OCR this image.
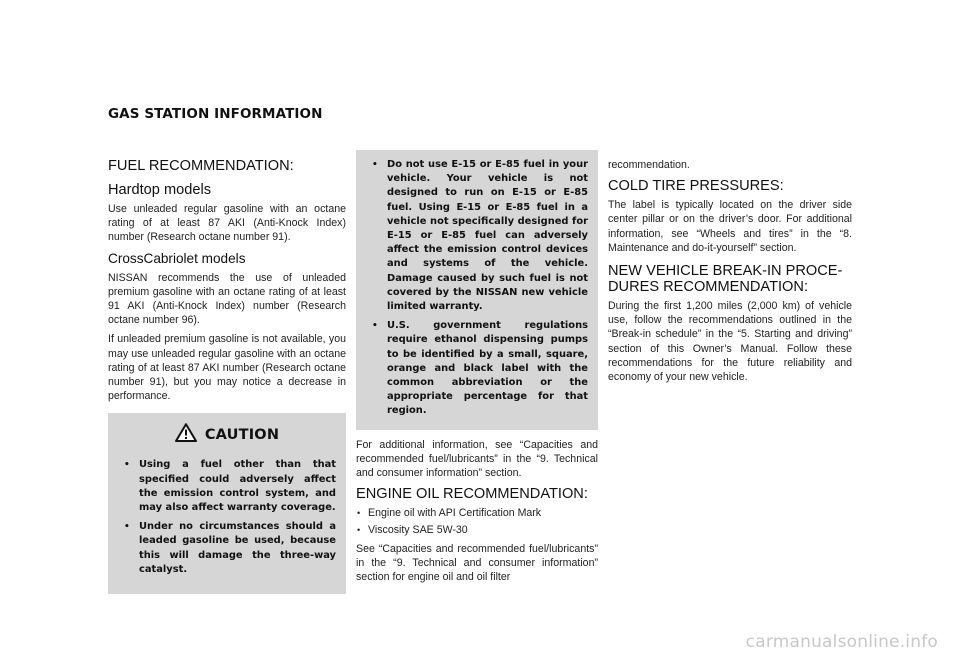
GAS STATION INFORMATION
FUEL RECOMMENDATION:
Hardtop models

Use unleaded regular gasoline with an octane rating of at least 87 AKI (Anti-Knock Index) number (Research octane number 91).

CrossCabriolet models

NISSAN recommends the use of unleaded premium gasoline with an octane rating of at least 91 AKI (Anti-Knock Index) number (Research octane number 96).

If unleaded premium gasoline is not available, you may use unleaded regular gasoline with an octane rating of at least 87 AKI number (Research octane number 91), but you may notice a decrease in performance.

CAUTION
• Using a fuel other than that specified could adversely affect the emission control system, and may also affect warranty coverage.
• Under no circumstances should a leaded gasoline be used, because this will damage the three-way catalyst.
• Do not use E-15 or E-85 fuel in your vehicle. Your vehicle is not designed to run on E-15 or E-85 fuel. Using E-15 or E-85 fuel in a vehicle not specifically designed for E-15 or E-85 fuel can adversely affect the emission control devices and systems of the vehicle. Damage caused by such fuel is not covered by the NISSAN new vehicle limited warranty.
• U.S. government regulations require ethanol dispensing pumps to be identified by a small, square, orange and black label with the common abbreviation or the appropriate percentage for that region.

For additional information, see “Capacities and recommended fuel/lubricants” in the “9. Technical and consumer information” section.

ENGINE OIL RECOMMENDATION:
• Engine oil with API Certification Mark
• Viscosity SAE 5W-30

See “Capacities and recommended fuel/lubricants” in the “9. Technical and consumer information” section for engine oil and oil filter

recommendation.

COLD TIRE PRESSURES:

The label is typically located on the driver side center pillar or on the driver’s door. For additional information, see “Wheels and tires” in the “8. Maintenance and do-it-yourself” section.

NEW VEHICLE BREAK-IN PROCE-
DURES RECOMMENDATION:

During the first 1,200 miles (2,000 km) of vehicle use, follow the recommendations outlined in the “Break-in schedule” in the “5. Starting and driving” section of this Owner’s Manual. Follow these recommendations for the future reliability and economy of your new vehicle.

carmanualsonline.info
